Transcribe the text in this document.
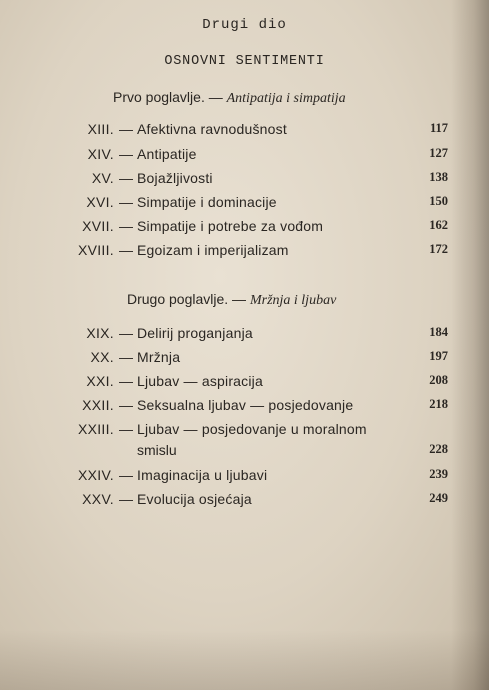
Drugi dio
OSNOVNI SENTIMENTI
Prvo poglavlje. — Antipatija i simpatija
XIII. — Afektivna ravnodušnost	117
XIV. — Antipatije	127
XV. — Bojažljivosti	138
XVI. — Simpatije i dominacije	150
XVII. — Simpatije i potrebe za vođom	162
XVIII. — Egoizam i imperijalizam	172
Drugo poglavlje. — Mržnja i ljubav
XIX. — Delirij proganjanja	184
XX. — Mržnja	197
XXI. — Ljubav — aspiracija	208
XXII. — Seksualna ljubav — posjedovanje	218
XXIII. — Ljubav — posjedovanje u moralnom
smislu	228
XXIV. — Imaginacija u ljubavi	239
XXV. — Evolucija osjećaja	249
